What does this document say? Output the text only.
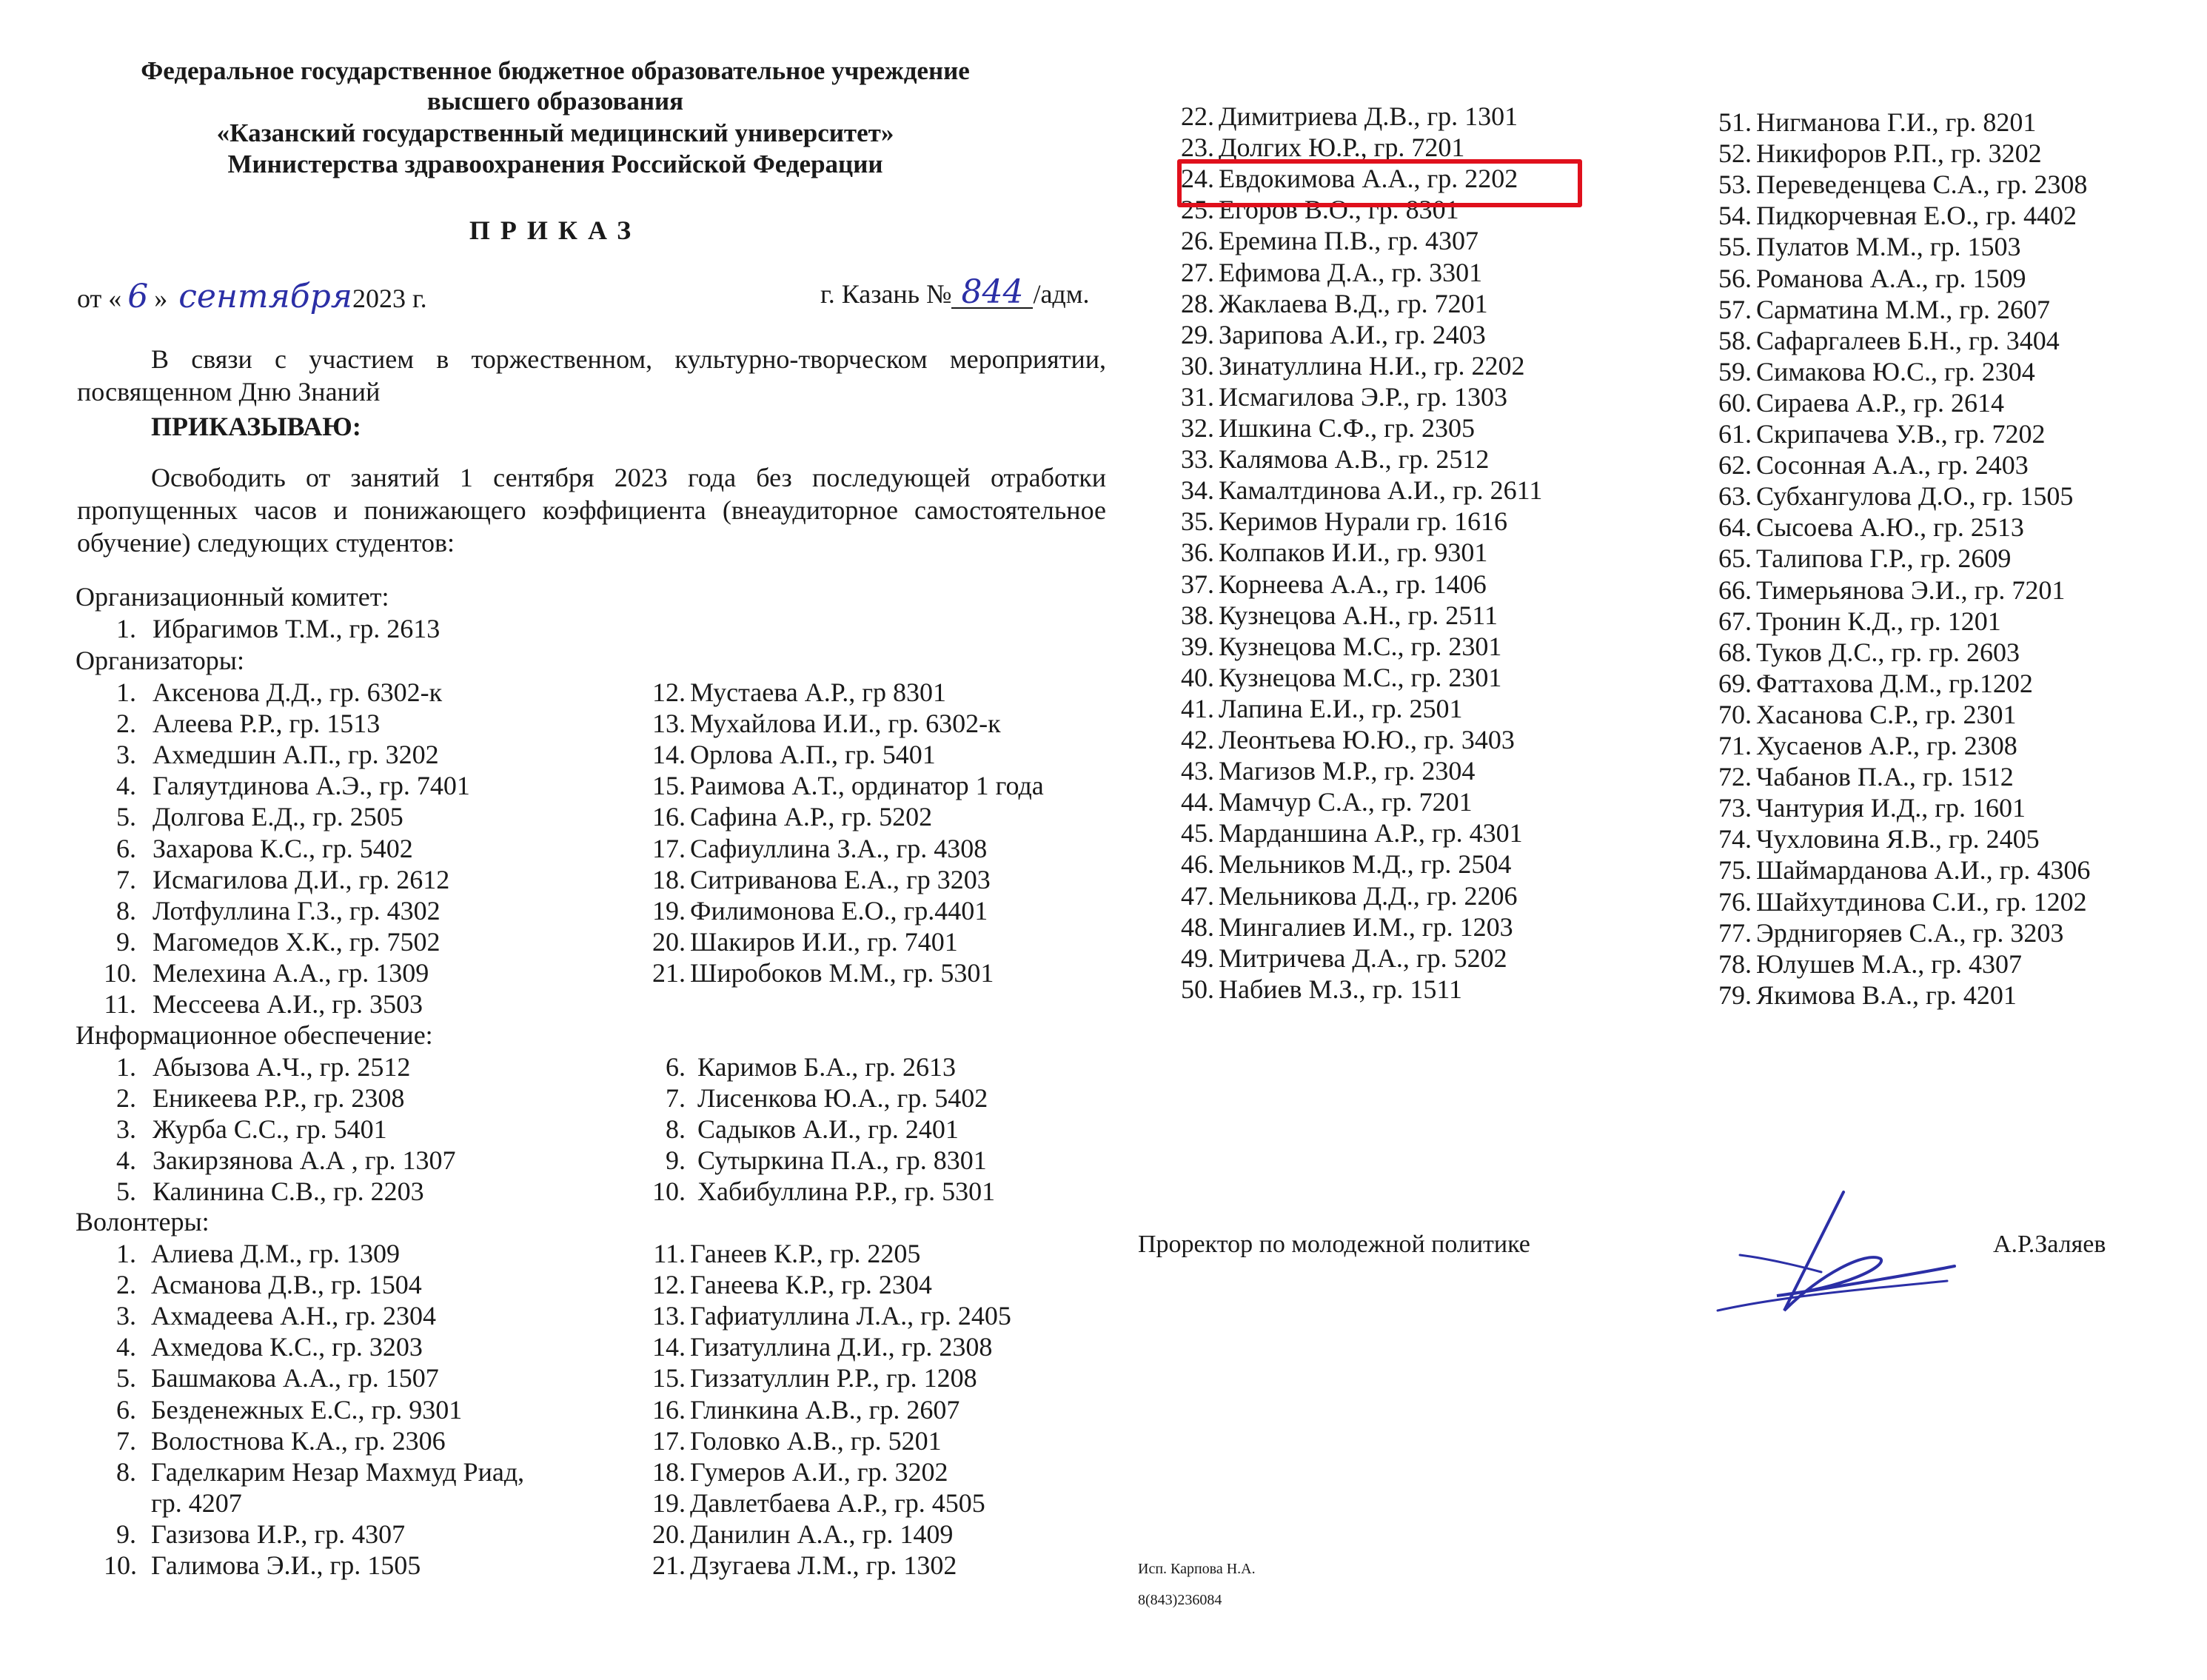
Федеральное государственное бюджетное образовательное учреждение
высшего образования
«Казанский государственный медицинский университет»
Министерства здравоохранения Российской Федерации
ПРИКАЗ
от « 6 » сентября2023 г.	г. Казань № 844 /адм.
В связи с участием в торжественном, культурно-творческом мероприятии, посвященном Дню Знаний
ПРИКАЗЫВАЮ:
Освободить от занятий 1 сентября 2023 года без последующей отработки пропущенных часов и понижающего коэффициента (внеаудиторное самостоятельное обучение) следующих студентов:
Организационный комитет:
Организаторы:
Информационное обеспечение:
Волонтеры:
1. Ибрагимов Т.М., гр. 2613
1. Аксенова Д.Д., гр. 6302-к
2. Алеева Р.Р., гр. 1513
3. Ахмедшин А.П., гр. 3202
4. Галяутдинова А.Э., гр. 7401
5. Долгова Е.Д., гр. 2505
6. Захарова К.С., гр. 5402
7. Исмагилова Д.И., гр. 2612
8. Лотфуллина Г.З., гр. 4302
9. Магомедов Х.К., гр. 7502
10. Мелехина А.А., гр. 1309
11. Мессеева А.И., гр. 3503
12. Мустаева А.Р., гр 8301
13. Мухайлова И.И., гр. 6302-к
14. Орлова А.П., гр. 5401
15. Раимова А.Т., ординатор 1 года
16. Сафина А.Р., гр. 5202
17. Сафиуллина З.А., гр. 4308
18. Ситриванова Е.А., гр 3203
19. Филимонова Е.О., гр.4401
20. Шакиров И.И., гр. 7401
21. Широбоков М.М., гр. 5301
1. Абызова А.Ч., гр. 2512
2. Еникеева Р.Р., гр. 2308
3. Журба С.С., гр. 5401
4. Закирзянова А.А , гр. 1307
5. Калинина С.В., гр. 2203
6. Каримов Б.А., гр. 2613
7. Лисенкова Ю.А., гр. 5402
8. Садыков А.И., гр. 2401
9. Сутыркина П.А., гр. 8301
10. Хабибуллина Р.Р., гр. 5301
1. Алиева Д.М., гр. 1309
2. Асманова Д.В., гр. 1504
3. Ахмадеева А.Н., гр. 2304
4. Ахмедова К.С., гр. 3203
5. Башмакова А.А., гр. 1507
6. Безденежных Е.С., гр. 9301
7. Волостнова К.А., гр. 2306
8. Гаделкарим Незар Махмуд Риад,
гр. 4207
9. Газизова И.Р., гр. 4307
10. Галимова Э.И., гр. 1505
11. Ганеев К.Р., гр. 2205
12. Ганеева К.Р., гр. 2304
13. Гафиатуллина Л.А., гр. 2405
14. Гизатуллина Д.И., гр. 2308
15. Гиззатуллин Р.Р., гр. 1208
16. Глинкина А.В., гр. 2607
17. Головко А.В., гр. 5201
18. Гумеров А.И., гр. 3202
19. Давлетбаева А.Р., гр. 4505
20. Данилин А.А., гр. 1409
21. Дзугаева Л.М., гр. 1302
22. Димитриева Д.В., гр. 1301
23. Долгих Ю.Р., гр. 7201
24. Евдокимова А.А., гр. 2202
25. Егоров В.О., гр. 8301
26. Еремина П.В., гр. 4307
27. Ефимова Д.А., гр. 3301
28. Жаклаева В.Д., гр. 7201
29. Зарипова А.И., гр. 2403
30. Зинатуллина Н.И., гр. 2202
31. Исмагилова Э.Р., гр. 1303
32. Ишкина С.Ф., гр. 2305
33. Калямова А.В., гр. 2512
34. Камалтдинова А.И., гр. 2611
35. Керимов Нурали гр. 1616
36. Колпаков И.И., гр. 9301
37. Корнеева А.А., гр. 1406
38. Кузнецова А.Н., гр. 2511
39. Кузнецова М.С., гр. 2301
40. Кузнецова М.С., гр. 2301
41. Лапина Е.И., гр. 2501
42. Леонтьева Ю.Ю., гр. 3403
43. Магизов М.Р., гр. 2304
44. Мамчур С.А., гр. 7201
45. Марданшина А.Р., гр. 4301
46. Мельников М.Д., гр. 2504
47. Мельникова Д.Д., гр. 2206
48. Мингалиев И.М., гр. 1203
49. Митричева Д.А., гр. 5202
50. Набиев М.З., гр. 1511
51. Нигманова Г.И., гр. 8201
52. Никифоров Р.П., гр. 3202
53. Переведенцева С.А., гр. 2308
54. Пидкорчевная Е.О., гр. 4402
55. Пулатов М.М., гр. 1503
56. Романова А.А., гр. 1509
57. Сарматина М.М., гр. 2607
58. Сафаргалеев Б.Н., гр. 3404
59. Симакова Ю.С., гр. 2304
60. Сираева А.Р., гр. 2614
61. Скрипачева У.В., гр. 7202
62. Сосонная А.А., гр. 2403
63. Субхангулова Д.О., гр. 1505
64. Сысоева А.Ю., гр. 2513
65. Талипова Г.Р., гр. 2609
66. Тимерьянова Э.И., гр. 7201
67. Тронин К.Д., гр. 1201
68. Туков Д.С., гр. гр. 2603
69. Фаттахова Д.М., гр.1202
70. Хасанова С.Р., гр. 2301
71. Хусаенов А.Р., гр. 2308
72. Чабанов П.А., гр. 1512
73. Чантурия И.Д., гр. 1601
74. Чухловина Я.В., гр. 2405
75. Шаймарданова А.И., гр. 4306
76. Шайхутдинова С.И., гр. 1202
77. Эрднигоряев С.А., гр. 3203
78. Юлушев М.А., гр. 4307
79. Якимова В.А., гр. 4201
Проректор по молодежной политике	А.Р.Заляев
Исп. Карпова Н.А.
8(843)236084
